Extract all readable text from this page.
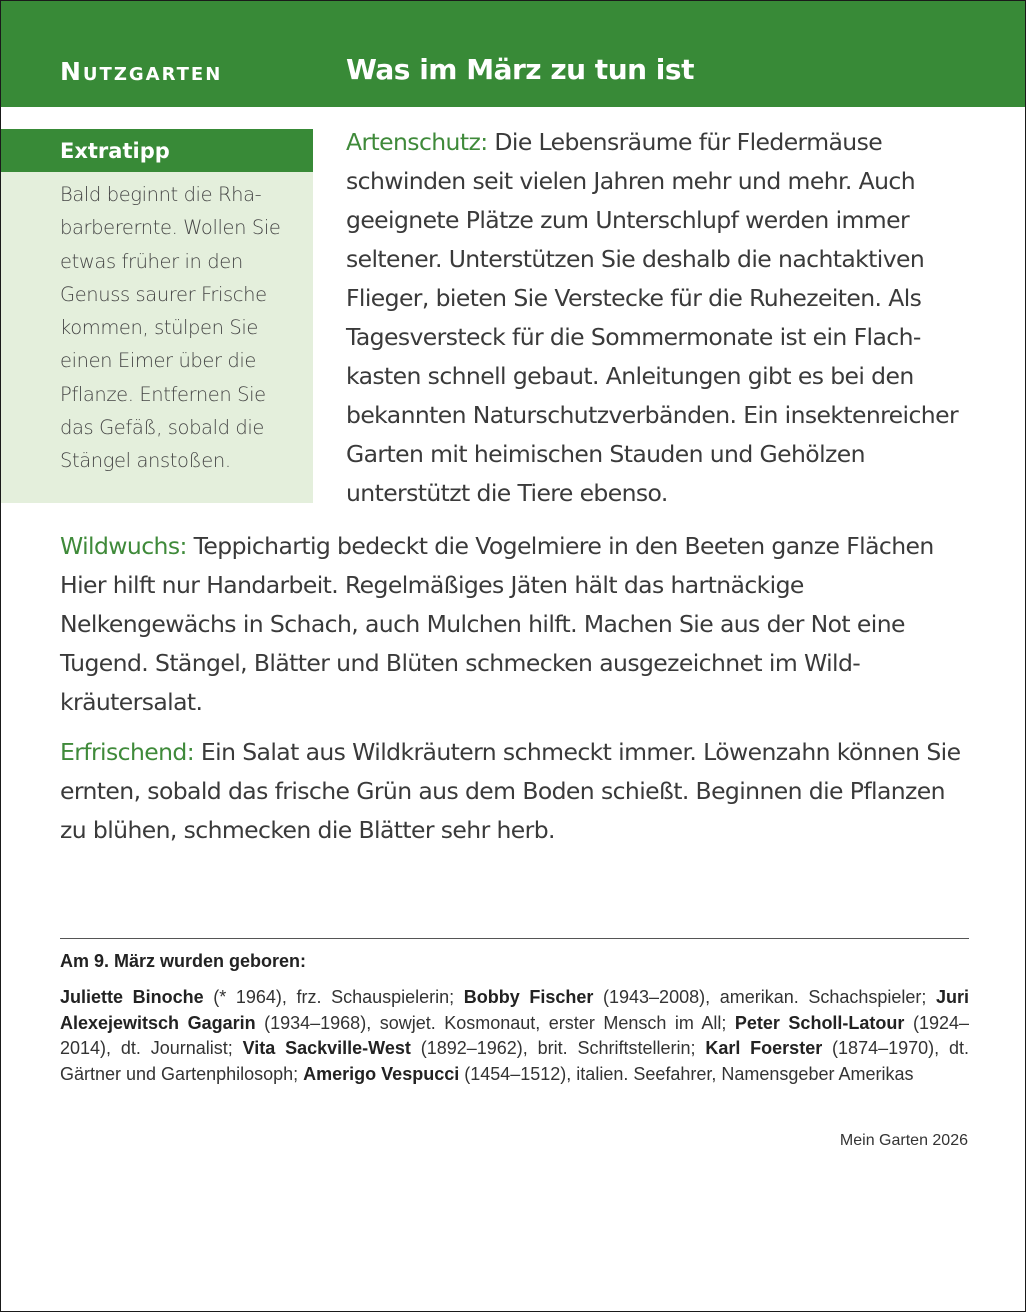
Nutzgarten	Was im März zu tun ist
Extratipp
Bald beginnt die Rha-
barberernte. Wollen Sie
etwas früher in den
Genuss saurer Frische
kommen, stülpen Sie
einen Eimer über die
Pflanze. Entfernen Sie
das Gefäß, sobald die
Stängel anstoßen.
Artenschutz: Die Lebensräume für Fledermäuse schwinden seit vielen Jahren mehr und mehr. Auch geeignete Plätze zum Unterschlupf werden immer seltener. Unterstützen Sie deshalb die nachtaktiven Flieger, bieten Sie Verstecke für die Ruhezeiten. Als Tagesversteck für die Sommermonate ist ein Flachkasten schnell gebaut. Anleitungen gibt es bei den bekannten Naturschutzverbänden. Ein insektenreicher Garten mit heimischen Stauden und Gehölzen unterstützt die Tiere ebenso.
Wildwuchs: Teppichartig bedeckt die Vogelmiere in den Beeten ganze Flächen Hier hilft nur Handarbeit. Regelmäßiges Jäten hält das hartnäckige Nelkengewächs in Schach, auch Mulchen hilft. Machen Sie aus der Not eine Tugend. Stängel, Blätter und Blüten schmecken ausgezeichnet im Wildkräutersalat.
Erfrischend: Ein Salat aus Wildkräutern schmeckt immer. Löwenzahn können Sie ernten, sobald das frische Grün aus dem Boden schießt. Beginnen die Pflanzen zu blühen, schmecken die Blätter sehr herb.
Am 9. März wurden geboren:
Juliette Binoche (* 1964), frz. Schauspielerin; Bobby Fischer (1943–2008), amerikan. Schachspieler; Juri Alexejewitsch Gagarin (1934–1968), sowjet. Kosmonaut, erster Mensch im All; Peter Scholl-Latour (1924–2014), dt. Journalist; Vita Sackville-West (1892–1962), brit. Schriftstellerin; Karl Foerster (1874–1970), dt. Gärtner und Gartenphilosoph; Amerigo Vespucci (1454–1512), italien. Seefahrer, Namensgeber Amerikas
Mein Garten 2026
